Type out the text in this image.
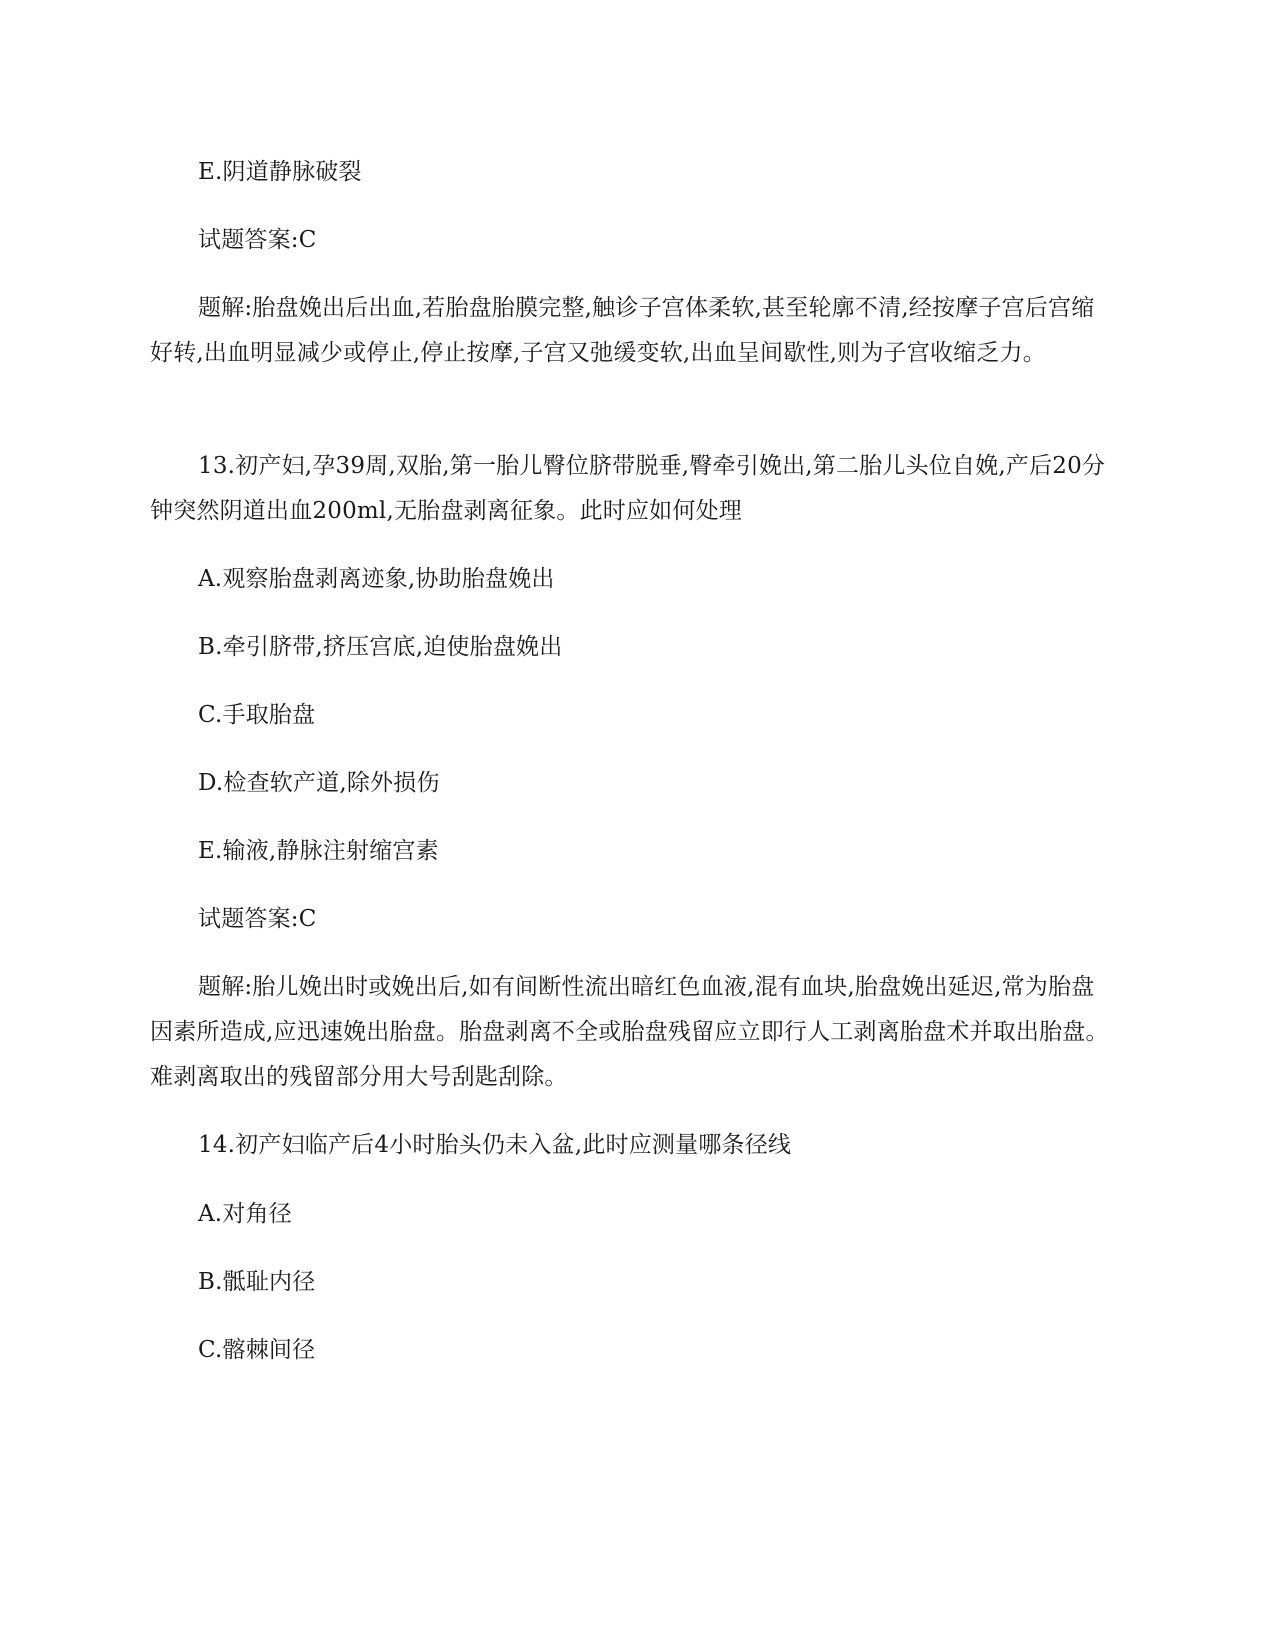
E.阴道静脉破裂

试题答案:C

题解:胎盘娩出后出血,若胎盘胎膜完整,触诊子宫体柔软,甚至轮廓不清,经按摩子宫后宫缩好转,出血明显减少或停止,停止按摩,子宫又弛缓变软,出血呈间歇性,则为子宫收缩乏力。

13.初产妇,孕39周,双胎,第一胎儿臀位脐带脱垂,臀牵引娩出,第二胎儿头位自娩,产后20分钟突然阴道出血200ml,无胎盘剥离征象。此时应如何处理

A.观察胎盘剥离迹象,协助胎盘娩出

B.牵引脐带,挤压宫底,迫使胎盘娩出

C.手取胎盘

D.检查软产道,除外损伤

E.输液,静脉注射缩宫素

试题答案:C

题解:胎儿娩出时或娩出后,如有间断性流出暗红色血液,混有血块,胎盘娩出延迟,常为胎盘因素所造成,应迅速娩出胎盘。胎盘剥离不全或胎盘残留应立即行人工剥离胎盘术并取出胎盘。难剥离取出的残留部分用大号刮匙刮除。

14.初产妇临产后4小时胎头仍未入盆,此时应测量哪条径线

A.对角径

B.骶耻内径

C.髂棘间径
